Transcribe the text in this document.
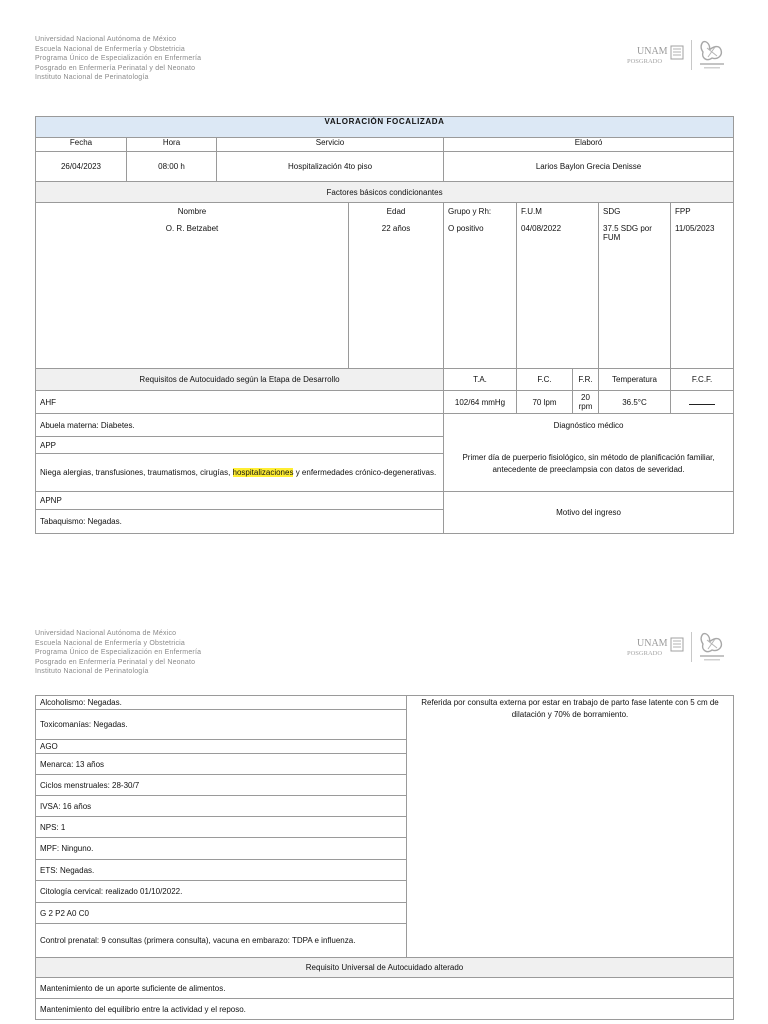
Universidad Nacional Autónoma de México
Escuela Nacional de Enfermería y Obstetricia
Programa Único de Especialización en Enfermería
Posgrado en Enfermería Perinatal y del Neonato
Instituto Nacional de Perinatología
UNAM
POSGRADO
VALORACIÓN FOCALIZADA								
Fecha	Hora	Servicio		Elaboró				
26/04/2023	08:00 h	Hospitalización 4to piso		Larios Baylon Grecia Denisse				
Factores básicos condicionantes								
Nombre			Edad	Grupo y Rh:	F.U.M		SDG	FPP
O. R. Betzabet			22 años	O positivo	04/08/2022		37.5 SDG por FUM	11/05/2023
Requisitos de Autocuidado según la Etapa de Desarrollo				T.A.	F.C.	F.R.	Temperatura	F.C.F.
AHF				102/64 mmHg	70 lpm	20 rpm	36.5°C	
Abuela materna: Diabetes.				Diagnóstico médico				
APP				Primer día de puerperio fisiológico, sin método de planificación familiar, antecedente de preeclampsia con datos de severidad.				
Niega alergias, transfusiones, traumatismos, cirugías, hospitalizaciones y enfermedades crónico-degenerativas.								
APNP				Motivo del ingreso				
Tabaquismo: Negadas.								
Universidad Nacional Autónoma de México
Escuela Nacional de Enfermería y Obstetricia
Programa Único de Especialización en Enfermería
Posgrado en Enfermería Perinatal y del Neonato
Instituto Nacional de Perinatología
UNAM
POSGRADO
Alcoholismo: Negadas.	Referida por consulta externa por estar en trabajo de parto fase latente con 5 cm de dilatación y 70% de borramiento.
Toxicomanías: Negadas.
AGO
Menarca: 13 años
Ciclos menstruales: 28-30/7
IVSA: 16 años
NPS: 1
MPF: Ninguno.
ETS: Negadas.
Citología cervical: realizado 01/10/2022.
G 2 P2 A0 C0
Control prenatal: 9 consultas (primera consulta), vacuna en embarazo: TDPA e influenza.
Requisito Universal de Autocuidado alterado
Mantenimiento de un aporte suficiente de alimentos.
Mantenimiento del equilibrio entre la actividad y el reposo.
